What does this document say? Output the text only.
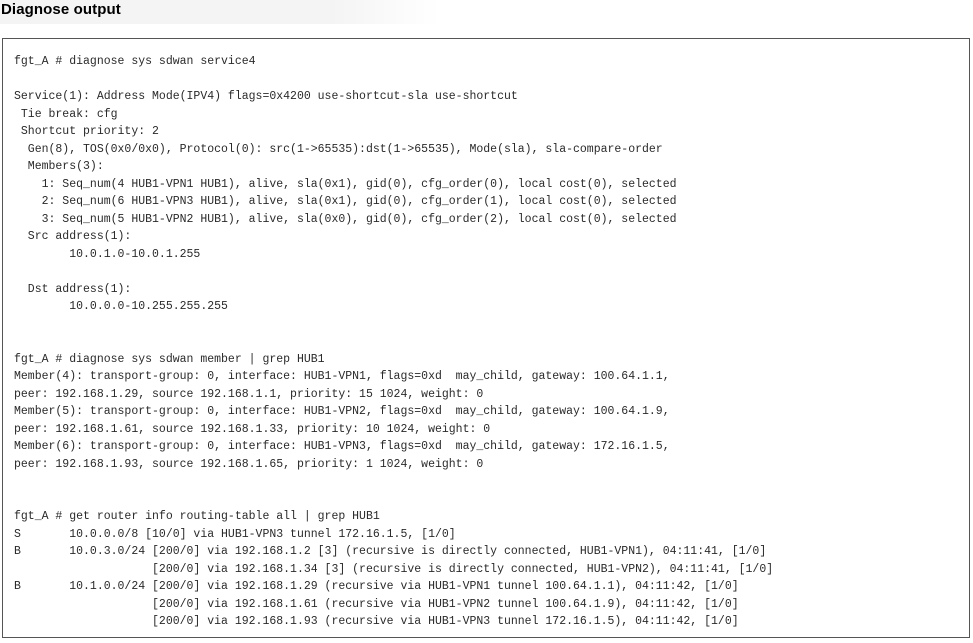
Diagnose output
fgt_A # diagnose sys sdwan service4

Service(1): Address Mode(IPV4) flags=0x4200 use-shortcut-sla use-shortcut
Tie break: cfg
Shortcut priority: 2
Gen(8), TOS(0x0/0x0), Protocol(0): src(1->65535):dst(1->65535), Mode(sla), sla-compare-order
Members(3):
1: Seq_num(4 HUB1-VPN1 HUB1), alive, sla(0x1), gid(0), cfg_order(0), local cost(0), selected
2: Seq_num(6 HUB1-VPN3 HUB1), alive, sla(0x1), gid(0), cfg_order(1), local cost(0), selected
3: Seq_num(5 HUB1-VPN2 HUB1), alive, sla(0x0), gid(0), cfg_order(2), local cost(0), selected
Src address(1):
10.0.1.0-10.0.1.255

Dst address(1):
10.0.0.0-10.255.255.255

fgt_A # diagnose sys sdwan member | grep HUB1
Member(4): transport-group: 0, interface: HUB1-VPN1, flags=0xd  may_child, gateway: 100.64.1.1,
peer: 192.168.1.29, source 192.168.1.1, priority: 15 1024, weight: 0
Member(5): transport-group: 0, interface: HUB1-VPN2, flags=0xd  may_child, gateway: 100.64.1.9,
peer: 192.168.1.61, source 192.168.1.33, priority: 10 1024, weight: 0
Member(6): transport-group: 0, interface: HUB1-VPN3, flags=0xd  may_child, gateway: 172.16.1.5,
peer: 192.168.1.93, source 192.168.1.65, priority: 1 1024, weight: 0

fgt_A # get router info routing-table all | grep HUB1
S       10.0.0.0/8 [10/0] via HUB1-VPN3 tunnel 172.16.1.5, [1/0]
B       10.0.3.0/24 [200/0] via 192.168.1.2 [3] (recursive is directly connected, HUB1-VPN1), 04:11:41, [1/0]
[200/0] via 192.168.1.34 [3] (recursive is directly connected, HUB1-VPN2), 04:11:41, [1/0]
B       10.1.0.0/24 [200/0] via 192.168.1.29 (recursive via HUB1-VPN1 tunnel 100.64.1.1), 04:11:42, [1/0]
[200/0] via 192.168.1.61 (recursive via HUB1-VPN2 tunnel 100.64.1.9), 04:11:42, [1/0]
[200/0] via 192.168.1.93 (recursive via HUB1-VPN3 tunnel 172.16.1.5), 04:11:42, [1/0]
